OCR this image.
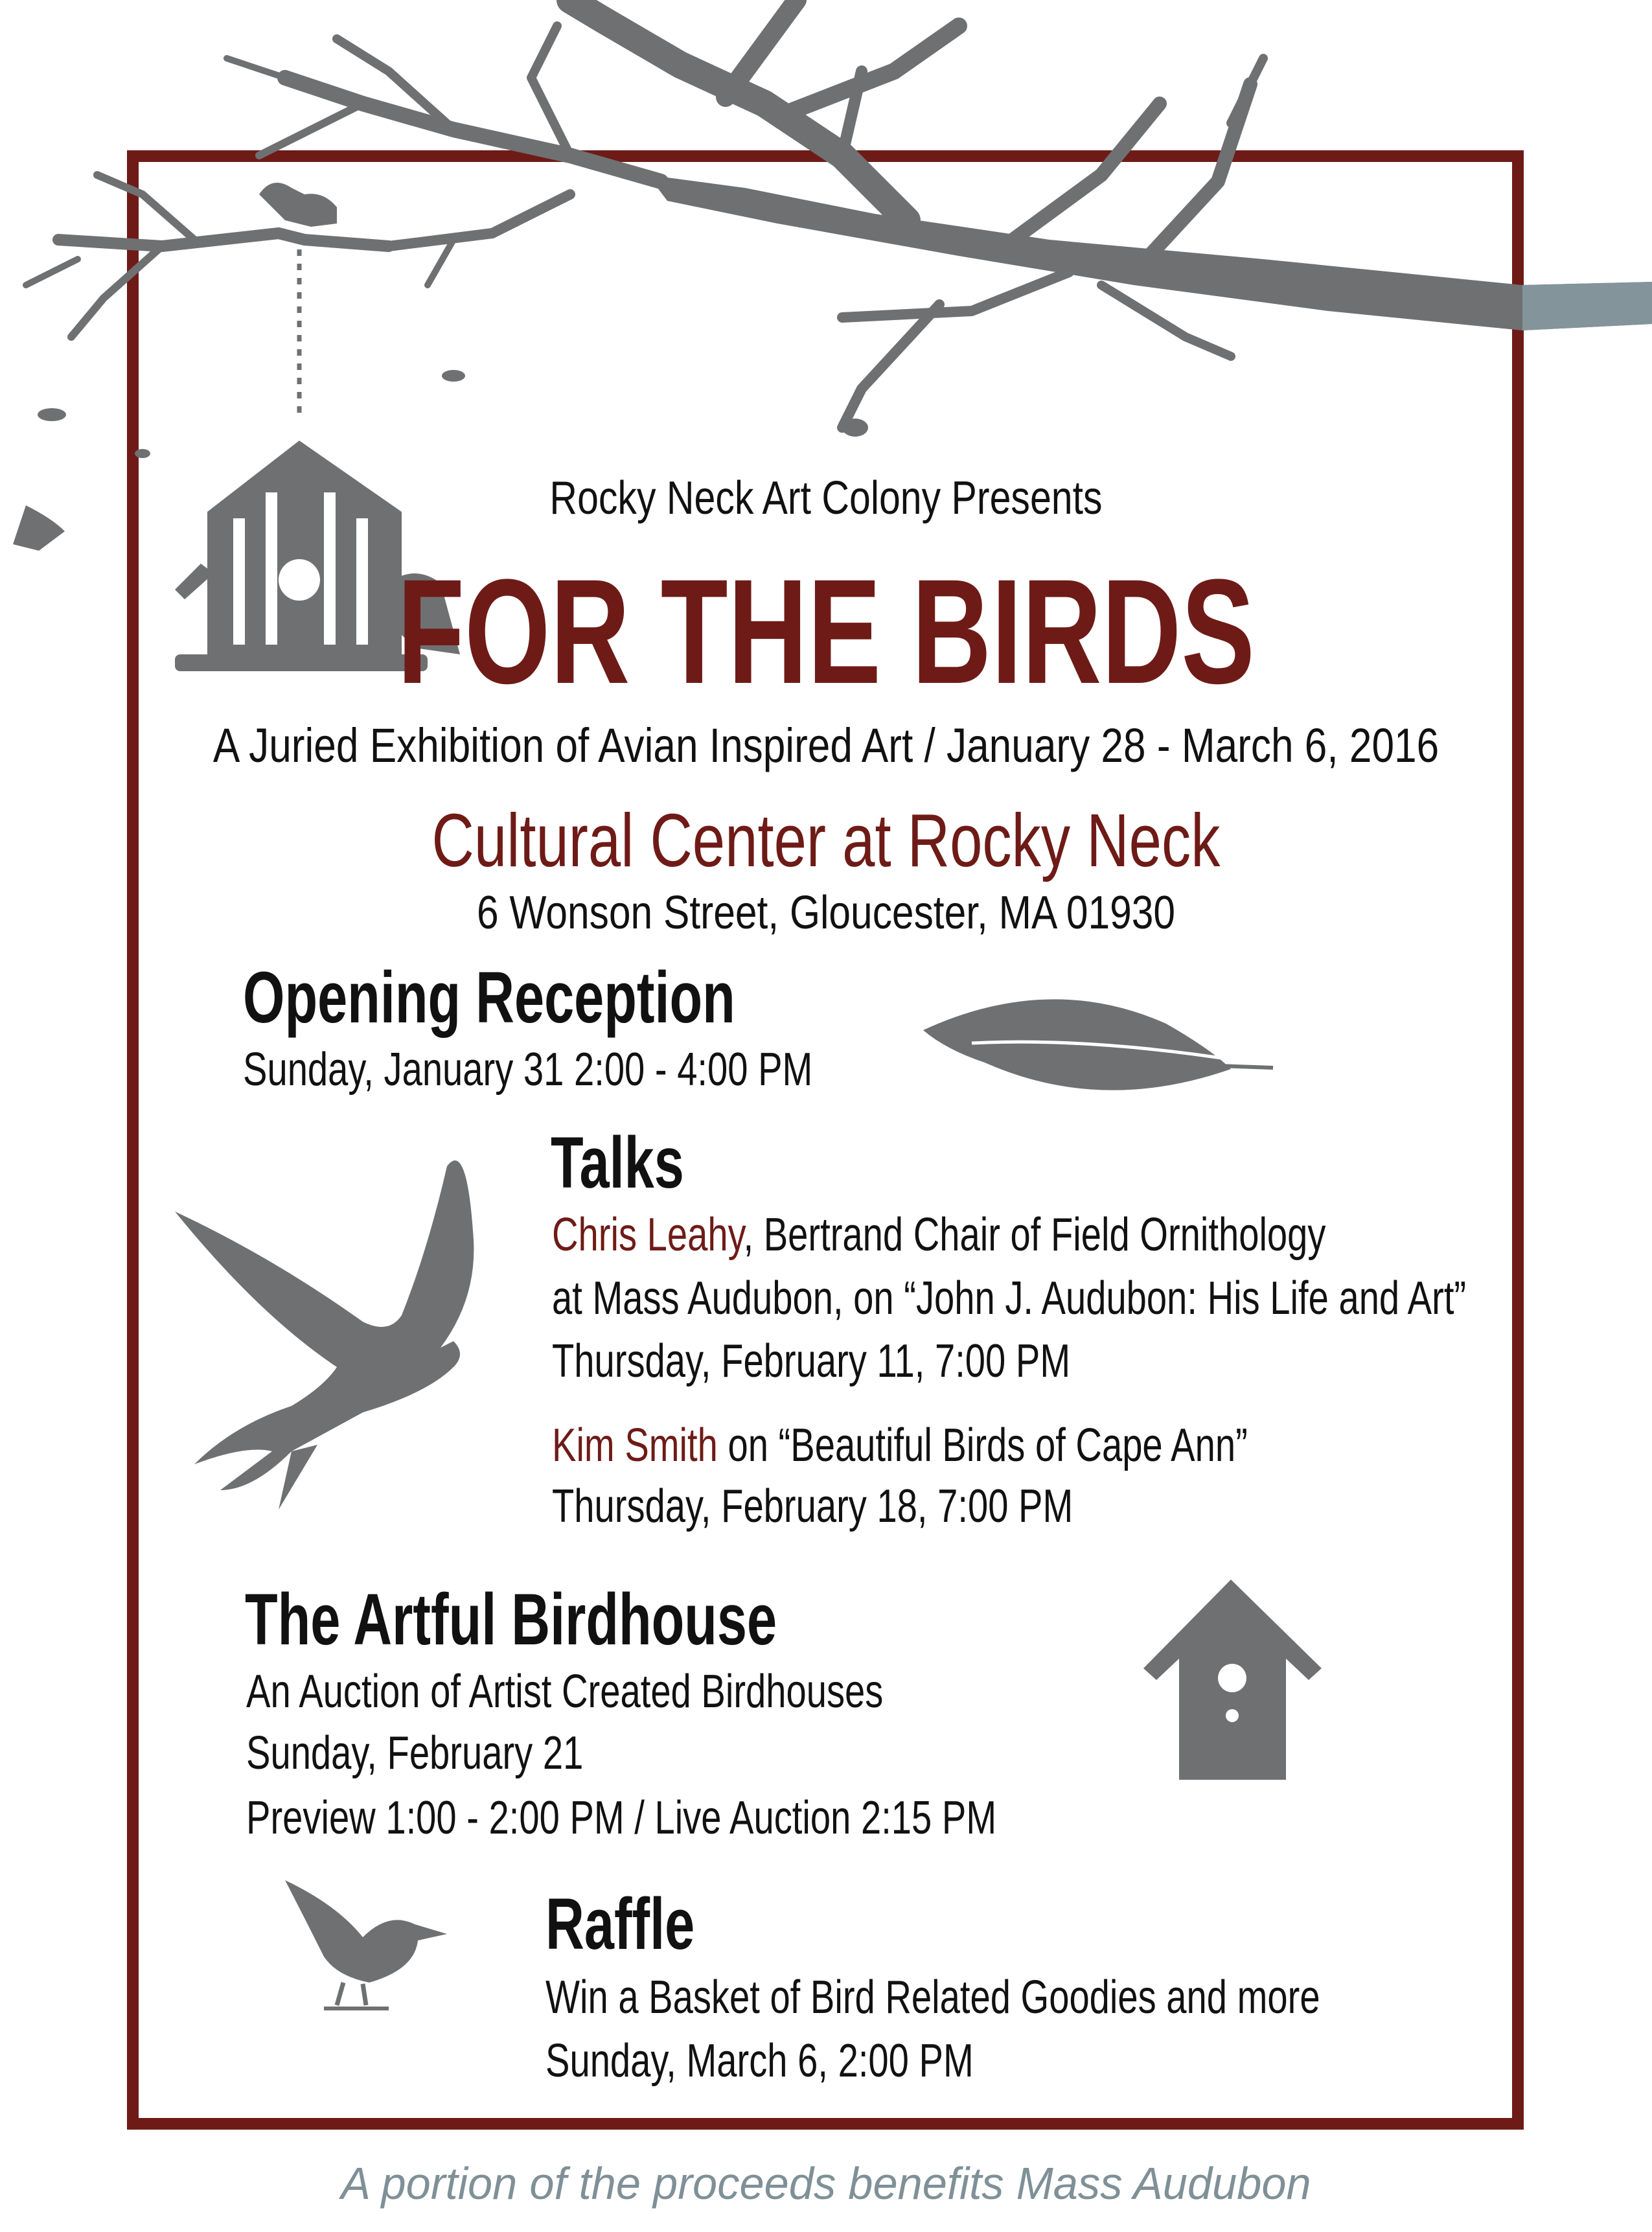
Rocky Neck Art Colony Presents

FOR THE BIRDS

A Juried Exhibition of Avian Inspired Art / January 28 - March 6, 2016

Cultural Center at Rocky Neck

6 Wonson Street, Gloucester, MA 01930

Opening Reception

Sunday, January 31 2:00 - 4:00 PM

Talks

Chris Leahy, Bertrand Chair of Field Ornithology

at Mass Audubon, on “John J. Audubon: His Life and Art”

Thursday, February 11, 7:00 PM

Kim Smith on “Beautiful Birds of Cape Ann”

Thursday, February 18, 7:00 PM

The Artful Birdhouse

An Auction of Artist Created Birdhouses

Sunday, February 21

Preview 1:00 - 2:00 PM / Live Auction 2:15 PM

Raffle

Win a Basket of Bird Related Goodies and more

Sunday, March 6, 2:00 PM

A portion of the proceeds benefits Mass Audubon
